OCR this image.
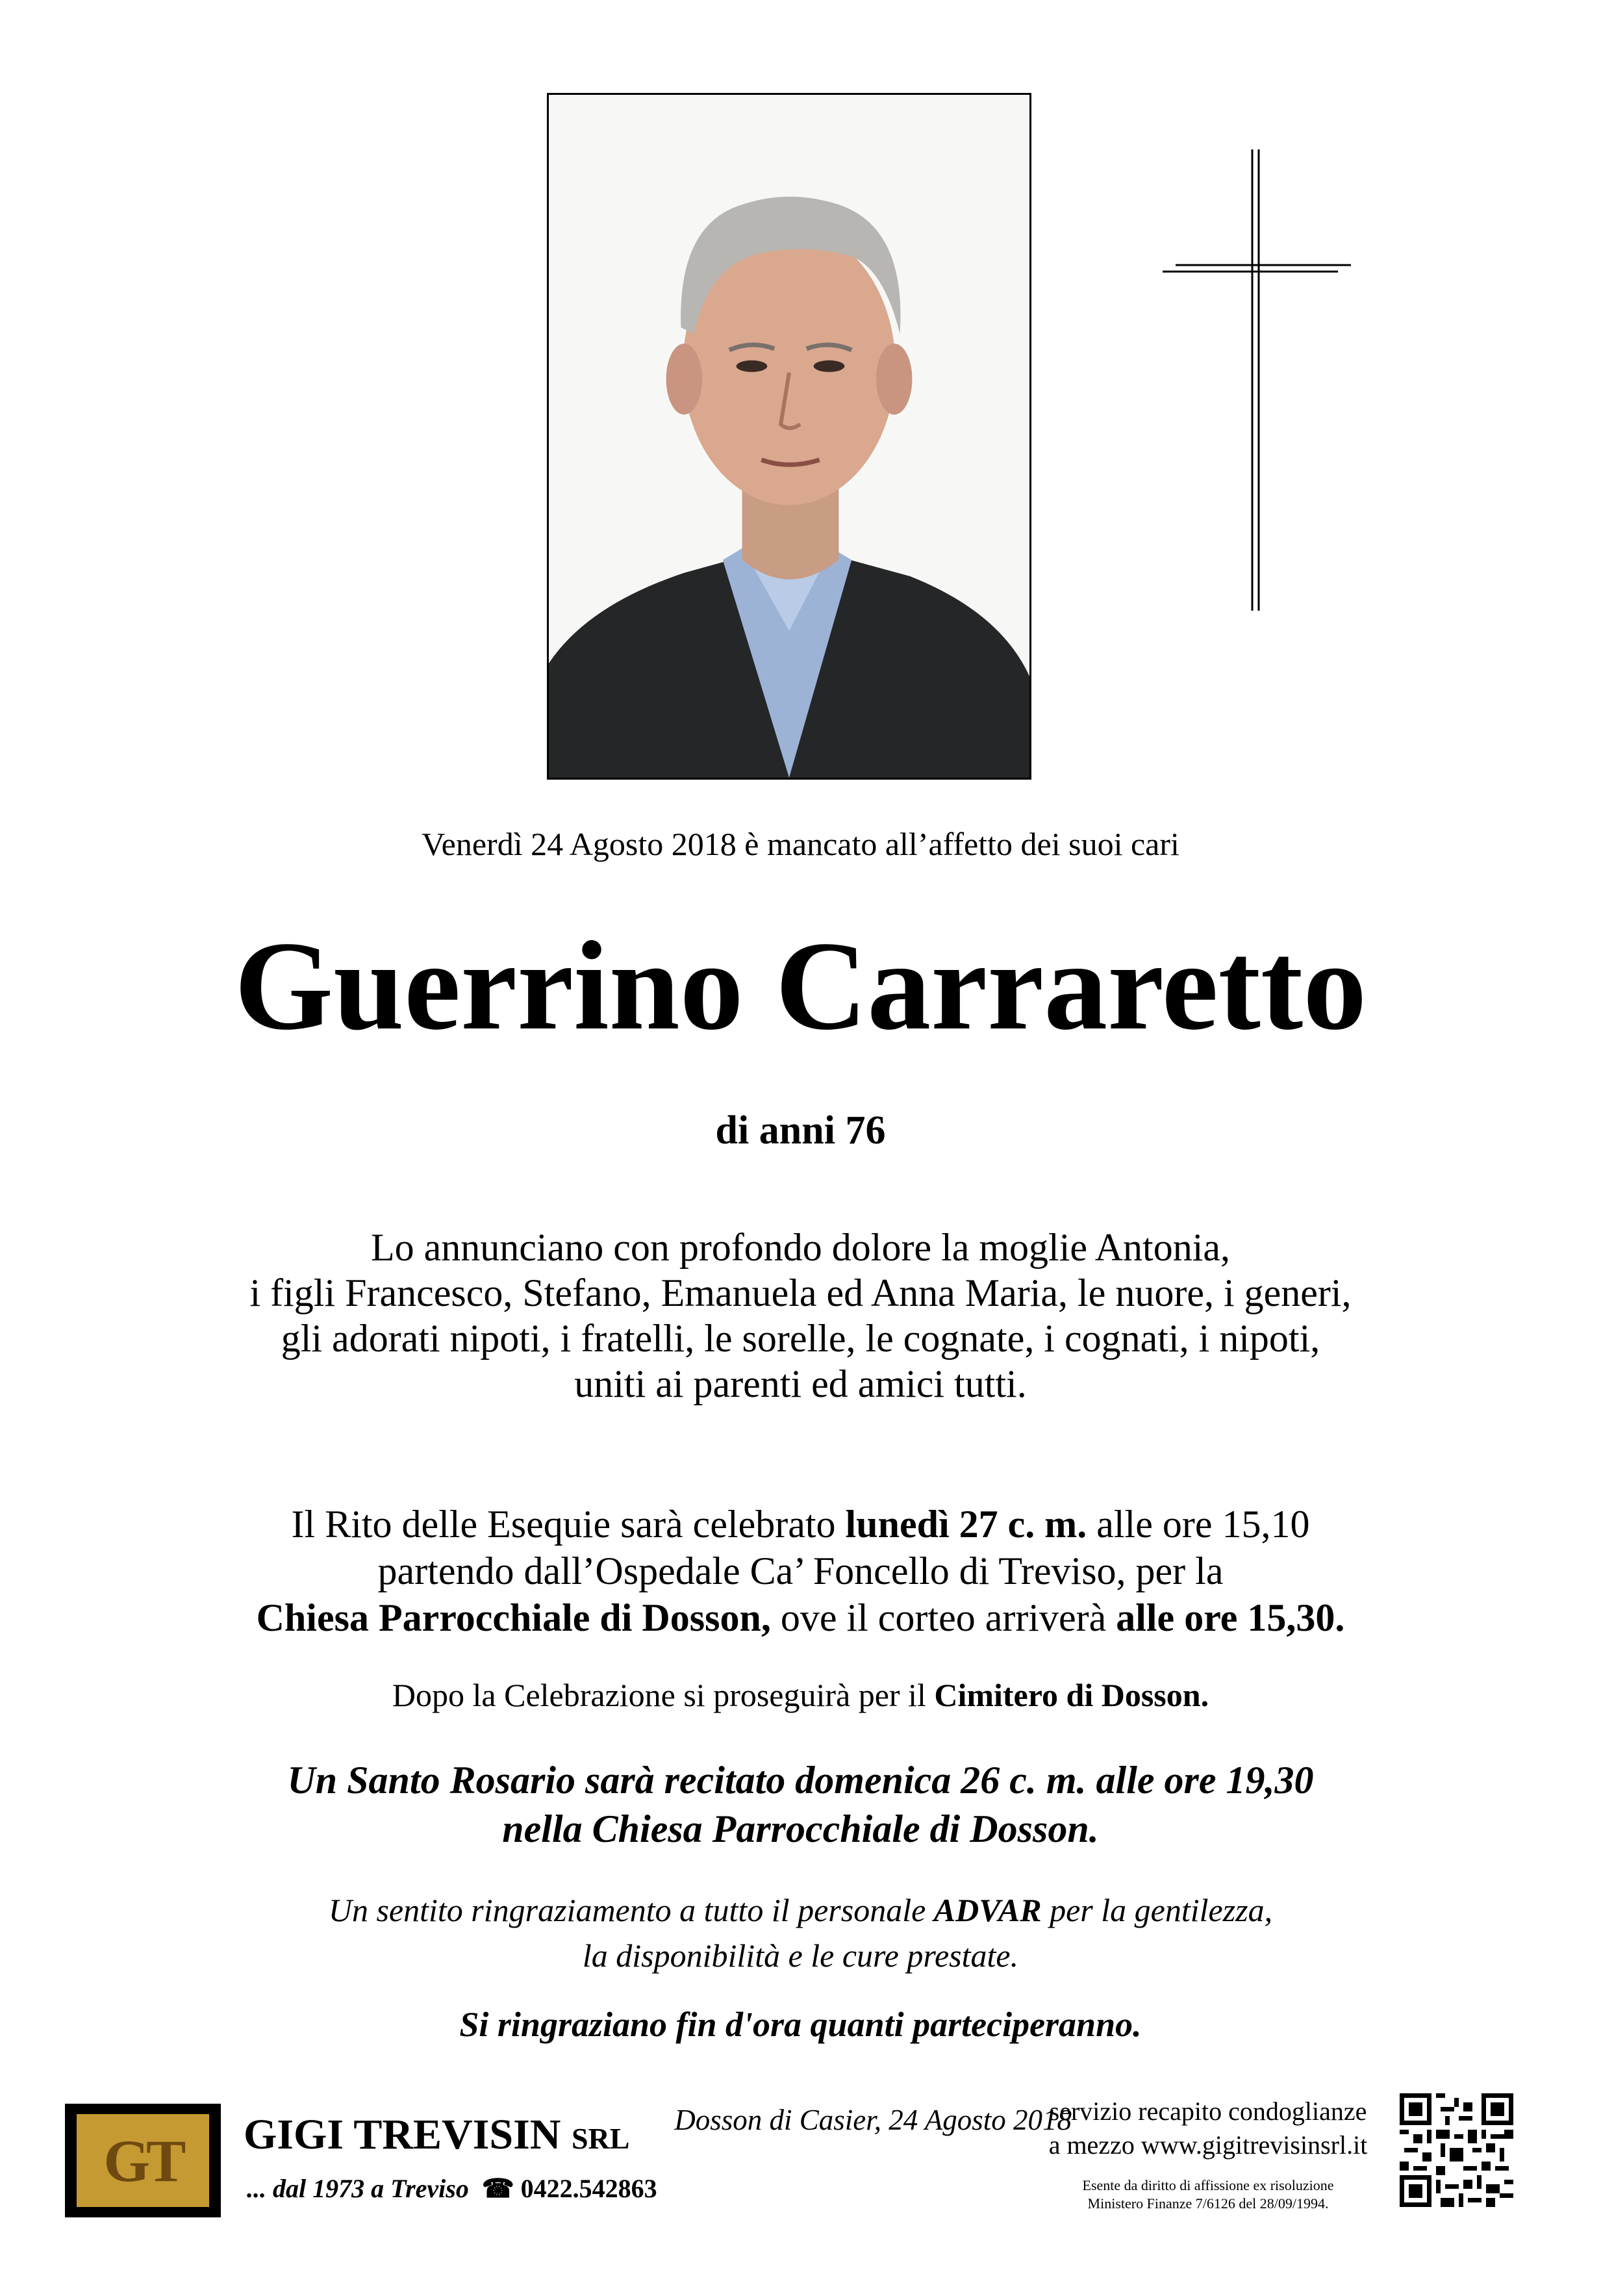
Venerdì 24 Agosto 2018 è mancato all’affetto dei suoi cari
Guerrino Carraretto
di anni 76
Lo annunciano con profondo dolore la moglie Antonia,
i figli Francesco, Stefano, Emanuela ed Anna Maria, le nuore, i generi,
gli adorati nipoti, i fratelli, le sorelle, le cognate, i cognati, i nipoti,
uniti ai parenti ed amici tutti.
Il Rito delle Esequie sarà celebrato lunedì 27 c. m. alle ore 15,10
partendo dall’Ospedale Ca’ Foncello di Treviso, per la
Chiesa Parrocchiale di Dosson, ove il corteo arriverà alle ore 15,30.
Dopo la Celebrazione si proseguirà per il Cimitero di Dosson.
Un Santo Rosario sarà recitato domenica 26 c. m. alle ore 19,30
nella Chiesa Parrocchiale di Dosson.
Un sentito ringraziamento a tutto il personale ADVAR per la gentilezza,
la disponibilità e le cure prestate.
Si ringraziano fin d'ora quanti parteciperanno.
Dosson di Casier, 24 Agosto 2018
GT	GIGI TREVISIN SRL
... dal 1973 a Treviso ☎ 0422.542863
servizio recapito condoglianze
a mezzo www.gigitrevisinsrl.it
Esente da diritto di affissione ex risoluzione
Ministero Finanze 7/6126 del 28/09/1994.
